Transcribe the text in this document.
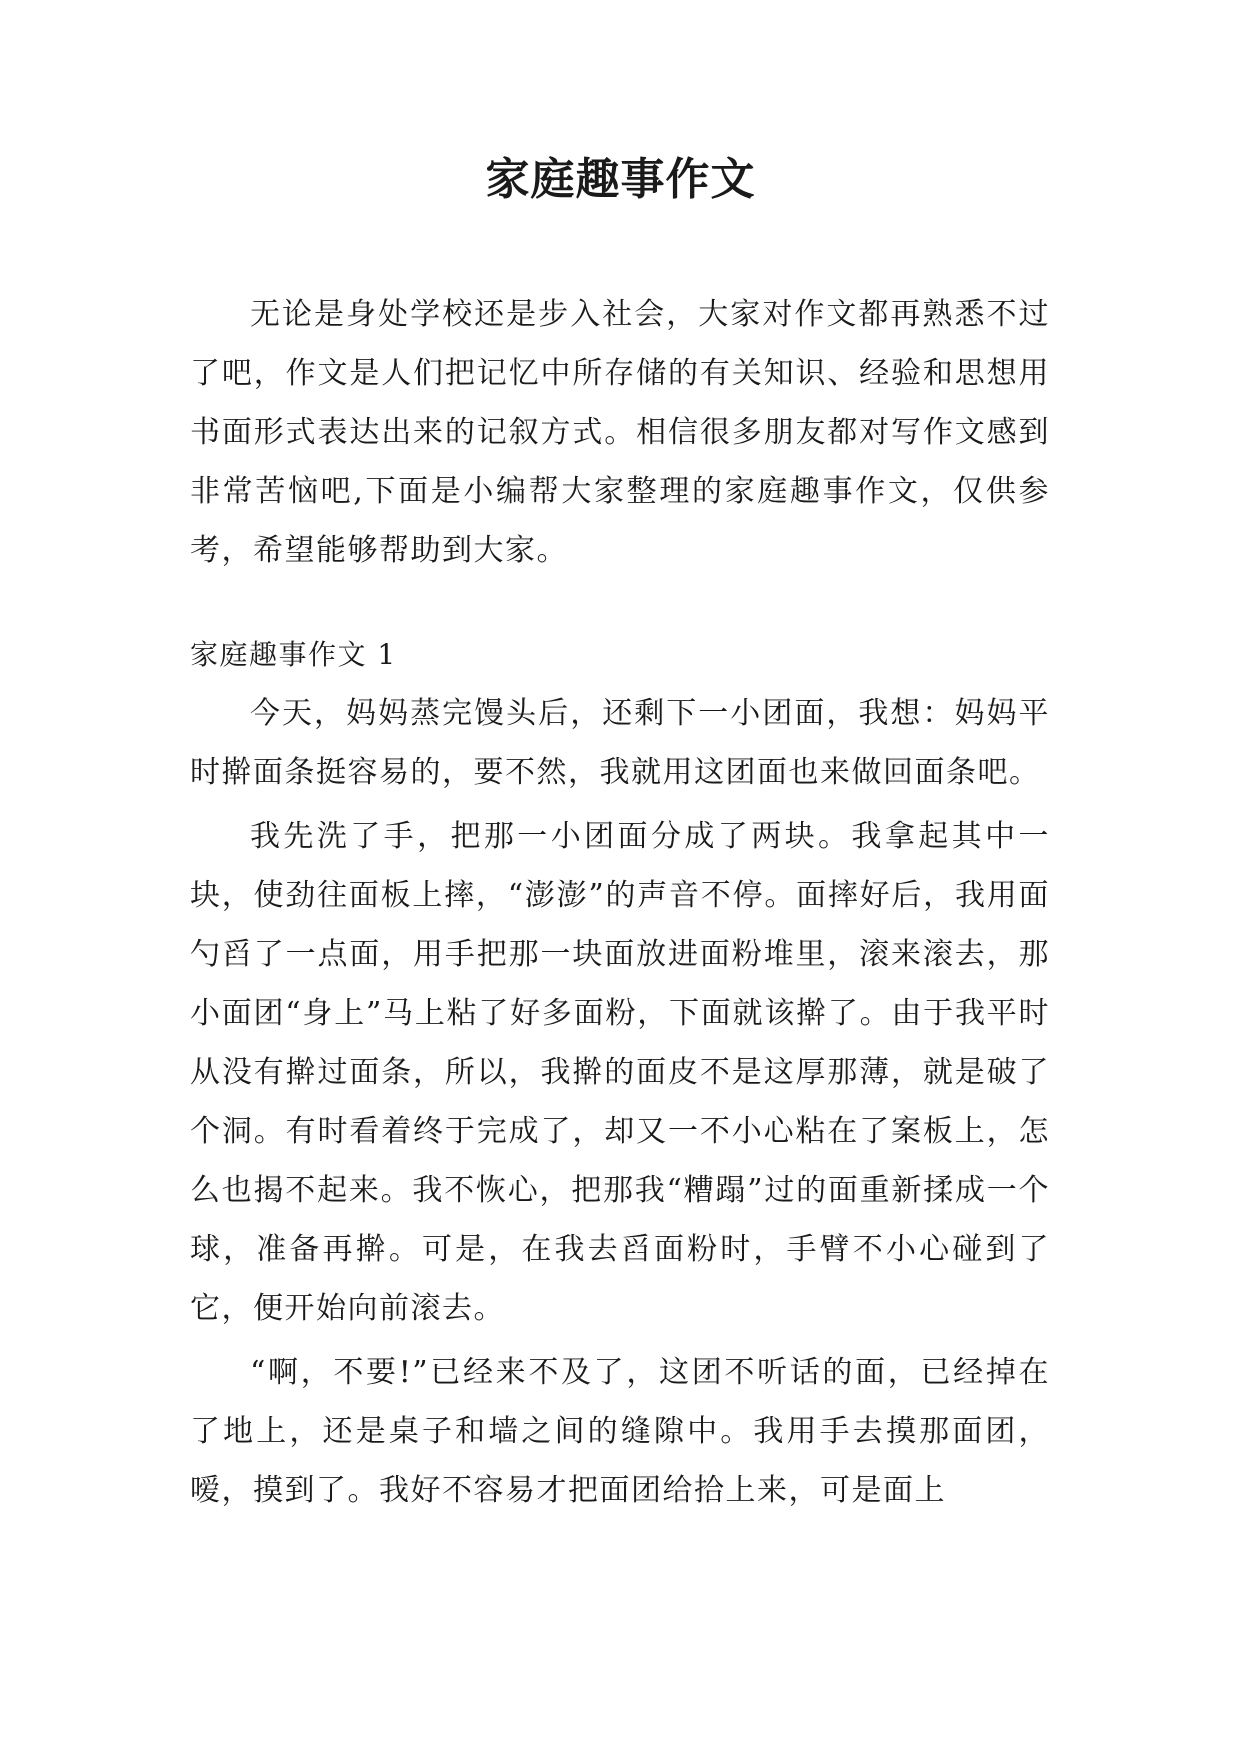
家庭趣事作文

无论是身处学校还是步入社会，大家对作文都再熟悉不过了吧，作文是人们把记忆中所存储的有关知识、经验和思想用书面形式表达出来的记叙方式。相信很多朋友都对写作文感到非常苦恼吧,下面是小编帮大家整理的家庭趣事作文，仅供参考，希望能够帮助到大家。

家庭趣事作文 1

今天，妈妈蒸完馒头后，还剩下一小团面，我想：妈妈平时擀面条挺容易的，要不然，我就用这团面也来做回面条吧。

我先洗了手，把那一小团面分成了两块。我拿起其中一块，使劲往面板上摔，“澎澎”的声音不停。面摔好后，我用面勺舀了一点面，用手把那一块面放进面粉堆里，滚来滚去，那小面团“身上”马上粘了好多面粉，下面就该擀了。由于我平时从没有擀过面条，所以，我擀的面皮不是这厚那薄，就是破了个洞。有时看着终于完成了，却又一不小心粘在了案板上，怎么也揭不起来。我不恢心，把那我“糟蹋”过的面重新揉成一个球，准备再擀。可是，在我去舀面粉时，手臂不小心碰到了它，便开始向前滚去。

“啊，不要!”已经来不及了，这团不听话的面，已经掉在了地上，还是桌子和墙之间的缝隙中。我用手去摸那面团，嗳，摸到了。我好不容易才把面团给拾上来，可是面上
